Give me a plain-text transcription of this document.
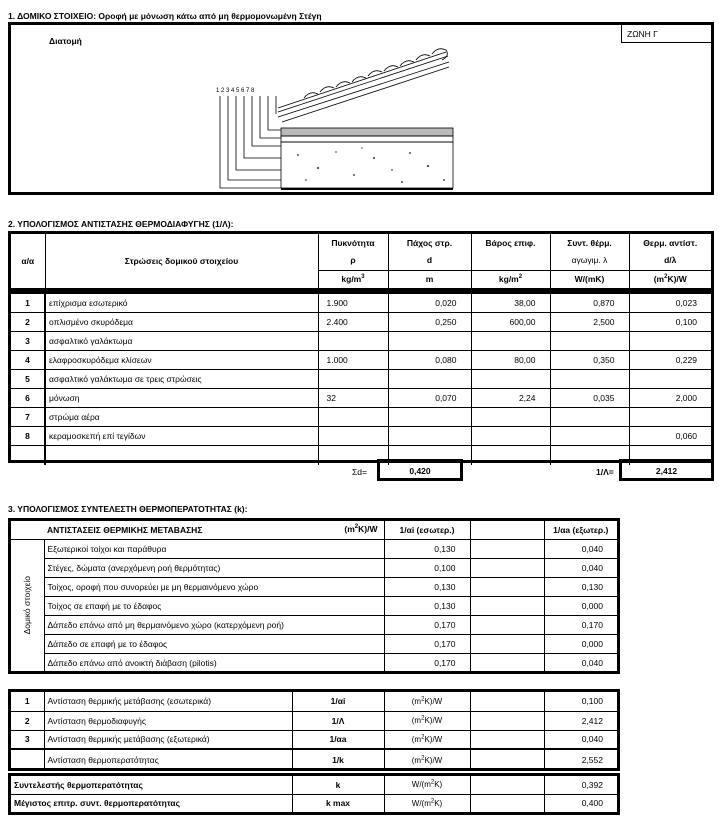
1. ΔΟΜΙΚΟ ΣΤΟΙΧΕΙΟ: Οροφή με μόνωση κάτω από μη θερμομονωμένη Στέγη
Διατομή
ΖΩΝΗ Γ
1 2 3 4 5 6 7 8
2. ΥΠΟΛΟΓΙΣΜΟΣ ΑΝΤΙΣΤΑΣΗΣ ΘΕΡΜΟΔΙΑΦΥΓΗΣ (1/Λ):
α/α	Στρώσεις δομικού στοιχείου	Πυκνότητα	Πάχος στρ.	Βάρος επιφ.	Συντ. θέρμ.	Θερμ. αντίστ.
		ρ	d		αγωγιμ. λ	d/λ
		$kg/m^3$	m	$kg/m^2$	W/(mK)	$(m^2K)/W$
1	επίχρισμα εσωτερικό	1.900	0,020	38,00	0,870	0,023
2	οπλισμένο σκυρόδεμα	2.400	0,250	600,00	2,500	0,100
3	ασφαλτικό γαλάκτωμα					
4	ελαφροσκυρόδεμα κλίσεων	1.000	0,080	80,00	0,350	0,229
5	ασφαλτικό γαλάκτωμα σε τρεις στρώσεις					
6	μόνωση	32	0,070	2,24	0,035	2,000
7	στρώμα αέρα					
8	κεραμοσκεπή επί τεγίδων					0,060

Σd=	0,420	1/Λ=	2,412
3. ΥΠΟΛΟΓΙΣΜΟΣ ΣΥΝΤΕΛΕΣΤΗ ΘΕΡΜΟΠΕΡΑΤΟΤΗΤΑΣ (k):
ΑΝΤΙΣΤΑΣΕΙΣ ΘΕΡΜΙΚΗΣ ΜΕΤΑΒΑΣΗΣ $(m^2K)/W$		1/αi (εσωτερ.)		1/αa (εξωτερ.)
Δομικό στοιχείο	Εξωτερικοί τοίχοι και παράθυρα	0,130		0,040
	Στέγες, δώματα (ανερχόμενη ροή θερμότητας)	0,100		0,040
	Τοίχος, οροφή που συνορεύει με μη θερμαινόμενο χώρο	0,130		0,130
	Τοίχος σε επαφή με το έδαφος	0,130		0,000
	Δάπεδο επάνω από μη θερμαινόμενο χώρο (κατερχόμενη ροή)	0,170		0,170
	Δάπεδο σε επαφή με το έδαφος	0,170		0,000
	Δάπεδο επάνω από ανοικτή διάβαση (pilotis)	0,170		0,040
1	Αντίσταση θερμικής μετάβασης (εσωτερικά)	1/αi	$(m^2K)/W$		0,100
2	Αντίσταση θερμοδιαφυγής	1/Λ	$(m^2K)/W$		2,412
3	Αντίσταση θερμικής μετάβασης (εξωτερικά)	1/αa	$(m^2K)/W$		0,040
	Αντίσταση θερμοπερατότητας	1/k	$(m^2K)/W$		2,552
Συντελεστής θερμοπερατότητας	k	$W/(m^2K)$		0,392
Μέγιστος επιτρ. συντ. θερμοπερατότητας	k max	$W/(m^2K)$		0,400
